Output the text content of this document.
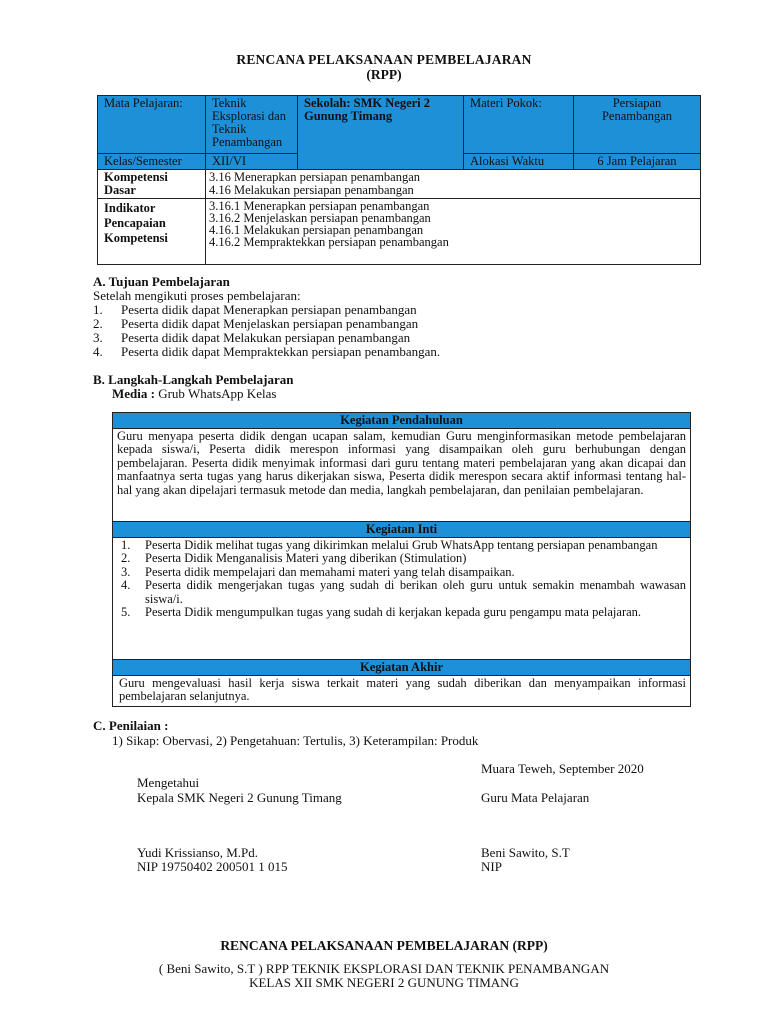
RENCANA PELAKSANAAN PEMBELAJARAN
(RPP)
Mata Pelajaran:	Teknik Eksplorasi dan Teknik Penambangan	Sekolah: SMK Negeri 2 Gunung Timang	Materi Pokok:	Persiapan Penambangan
Kelas/Semester	XII/VI		Alokasi Waktu	6 Jam Pelajaran
Kompetensi Dasar	3.16 Menerapkan persiapan penambangan
4.16 Melakukan persiapan penambangan			

Indikator Pencapaian Kompetensi	3.16.1 Menerapkan persiapan penambangan
3.16.2 Menjelaskan persiapan penambangan
4.16.1 Melakukan persiapan penambangan
4.16.2 Mempraktekkan persiapan penambangan			
A. Tujuan Pembelajaran
Setelah mengikuti proses pembelajaran:
1. Peserta didik dapat Menerapkan persiapan penambangan
2. Peserta didik dapat Menjelaskan persiapan penambangan
3. Peserta didik dapat Melakukan persiapan penambangan
4. Peserta didik dapat Mempraktekkan persiapan penambangan.
B. Langkah-Langkah Pembelajaran
Media : Grub WhatsApp Kelas
Kegiatan Pendahuluan
Guru menyapa peserta didik dengan ucapan salam, kemudian Guru menginformasikan metode pembelajaran kepada siswa/i, Peserta didik merespon informasi yang disampaikan oleh guru berhubungan dengan pembelajaran. Peserta didik menyimak informasi dari guru tentang materi pembelajaran yang akan dicapai dan manfaatnya serta tugas yang harus dikerjakan siswa, Peserta didik merespon secara aktif informasi tentang hal-hal yang akan dipelajari termasuk metode dan media, langkah pembelajaran, dan penilaian pembelajaran.
Kegiatan Inti
1. Peserta Didik melihat tugas yang dikirimkan melalui Grub WhatsApp tentang persiapan penambangan
2. Peserta Didik Menganalisis Materi yang diberikan (Stimulation)
3. Peserta didik mempelajari dan memahami materi yang telah disampaikan.
4. Peserta didik mengerjakan tugas yang sudah di berikan oleh guru untuk semakin menambah wawasan siswa/i.
5. Peserta Didik mengumpulkan tugas yang sudah di kerjakan kepada guru pengampu mata pelajaran.
Kegiatan Akhir
Guru mengevaluasi hasil kerja siswa terkait materi yang sudah diberikan dan menyampaikan informasi pembelajaran selanjutnya.
C. Penilaian :
1) Sikap: Obervasi, 2) Pengetahuan: Tertulis, 3) Keterampilan: Produk
Muara Teweh, September 2020
Mengetahui
Kepala SMK Negeri 2 Gunung Timang	Guru Mata Pelajaran
Yudi Krissianso, M.Pd.
NIP 19750402 200501 1 015
Beni Sawito, S.T
NIP
RENCANA PELAKSANAAN PEMBELAJARAN (RPP)
( Beni Sawito, S.T ) RPP TEKNIK EKSPLORASI DAN TEKNIK PENAMBANGAN
KELAS XII SMK NEGERI 2 GUNUNG TIMANG
